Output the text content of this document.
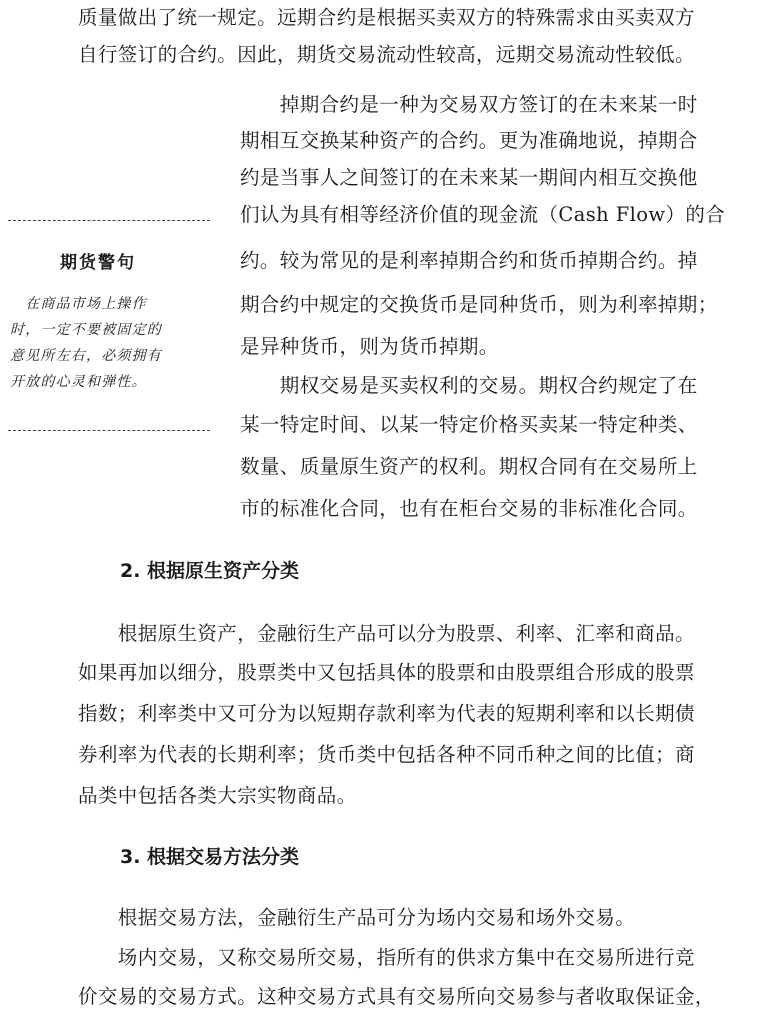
质量做出了统一规定。远期合约是根据买卖双方的特殊需求由买卖双方
自行签订的合约。因此，期货交易流动性较高，远期交易流动性较低。
　　掉期合约是一种为交易双方签订的在未来某一时
期相互交换某种资产的合约。更为准确地说，掉期合
约是当事人之间签订的在未来某一期间内相互交换他
们认为具有相等经济价值的现金流（Cash Flow）的合
约。较为常见的是利率掉期合约和货币掉期合约。掉
期合约中规定的交换货币是同种货币，则为利率掉期；
是异种货币，则为货币掉期。
　　期权交易是买卖权利的交易。期权合约规定了在
某一特定时间、以某一特定价格买卖某一特定种类、
数量、质量原生资产的权利。期权合同有在交易所上
市的标准化合同，也有在柜台交易的非标准化合同。
期货警句
　在商品市场上操作
时，一定不要被固定的
意见所左右，必须拥有
开放的心灵和弹性。
2. 根据原生资产分类
　　根据原生资产，金融衍生产品可以分为股票、利率、汇率和商品。
如果再加以细分，股票类中又包括具体的股票和由股票组合形成的股票
指数；利率类中又可分为以短期存款利率为代表的短期利率和以长期债
券利率为代表的长期利率；货币类中包括各种不同币种之间的比值；商
品类中包括各类大宗实物商品。
3. 根据交易方法分类
　　根据交易方法，金融衍生产品可分为场内交易和场外交易。
　　场内交易，又称交易所交易，指所有的供求方集中在交易所进行竞
价交易的交易方式。这种交易方式具有交易所向交易参与者收取保证金，
